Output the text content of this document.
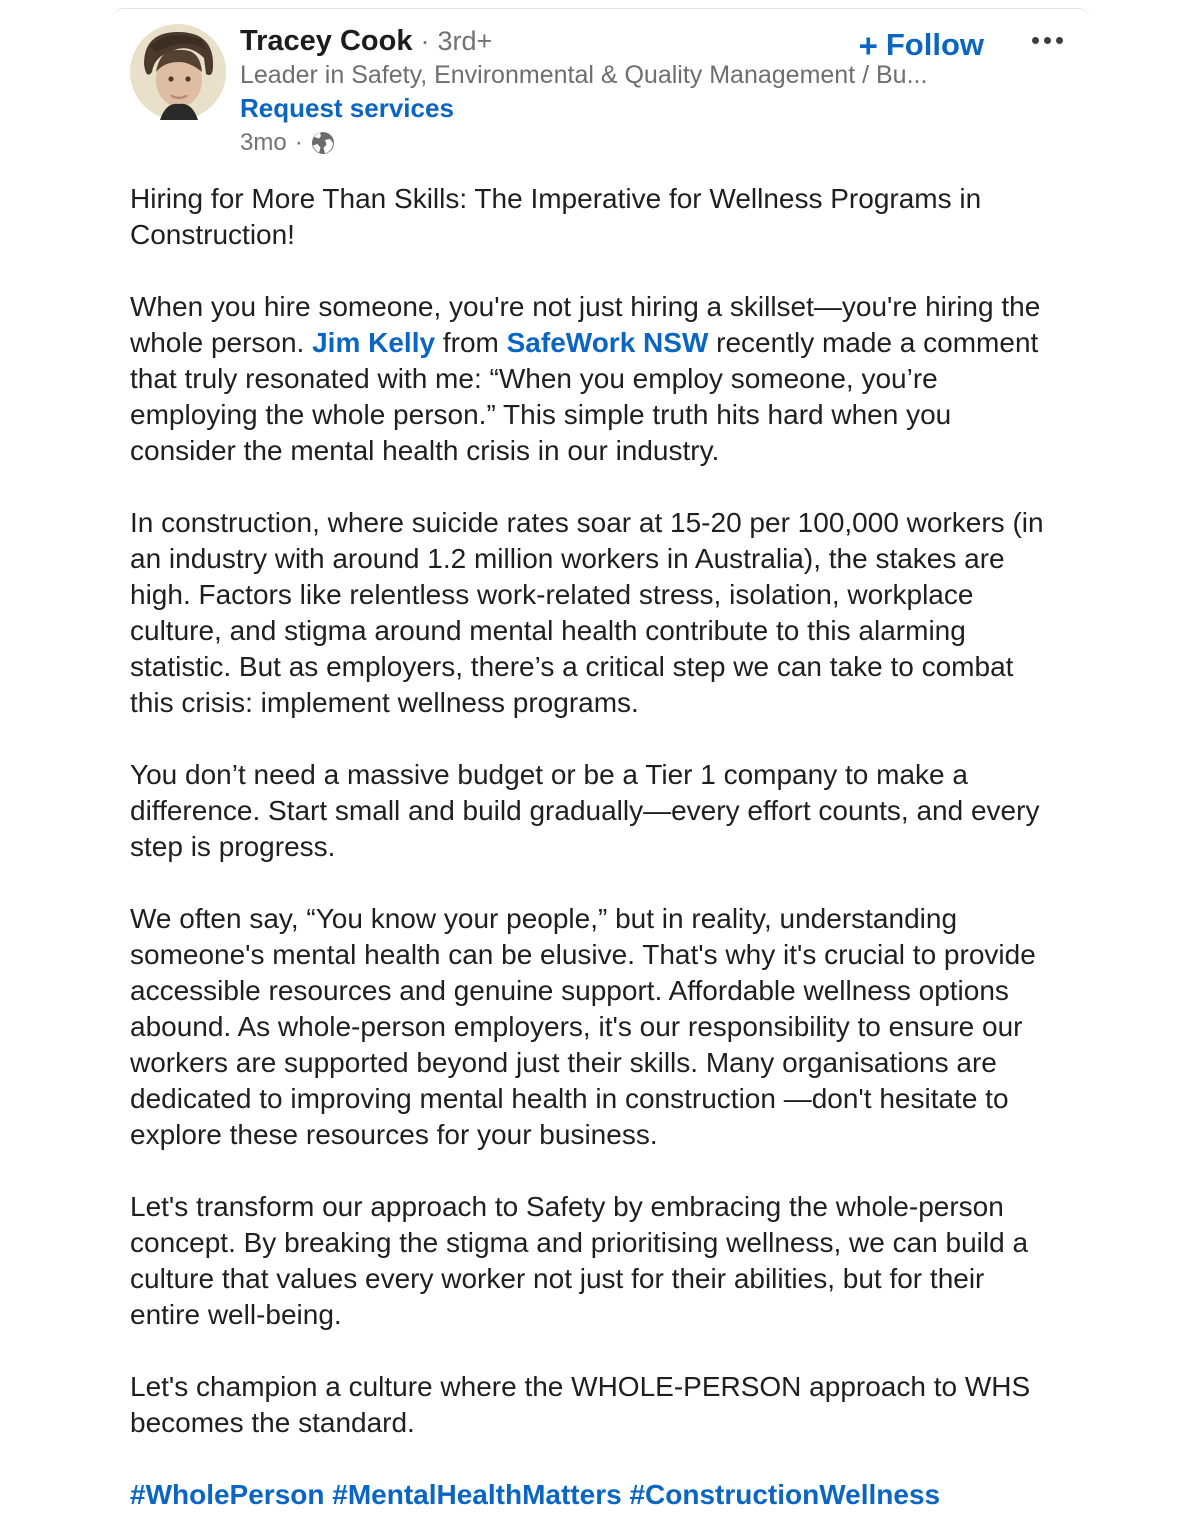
Tracey Cook · 3rd+
Leader in Safety, Environmental & Quality Management / Bu...
Request services
3mo ·
+ Follow

Hiring for More Than Skills: The Imperative for Wellness Programs in Construction!

When you hire someone, you're not just hiring a skillset—you're hiring the whole person. Jim Kelly from SafeWork NSW recently made a comment that truly resonated with me: “When you employ someone, you’re employing the whole person.” This simple truth hits hard when you consider the mental health crisis in our industry.

In construction, where suicide rates soar at 15-20 per 100,000 workers (in an industry with around 1.2 million workers in Australia), the stakes are high. Factors like relentless work-related stress, isolation, workplace culture, and stigma around mental health contribute to this alarming statistic. But as employers, there’s a critical step we can take to combat this crisis: implement wellness programs.

You don’t need a massive budget or be a Tier 1 company to make a difference. Start small and build gradually—every effort counts, and every step is progress.

We often say, “You know your people,” but in reality, understanding someone's mental health can be elusive. That's why it's crucial to provide accessible resources and genuine support. Affordable wellness options abound. As whole-person employers, it's our responsibility to ensure our workers are supported beyond just their skills. Many organisations are dedicated to improving mental health in construction —don't hesitate to explore these resources for your business.

Let's transform our approach to Safety by embracing the whole-person concept. By breaking the stigma and prioritising wellness, we can build a culture that values every worker not just for their abilities, but for their entire well-being.

Let's champion a culture where the WHOLE-PERSON approach to WHS becomes the standard.

#WholePerson #MentalHealthMatters #ConstructionWellness
